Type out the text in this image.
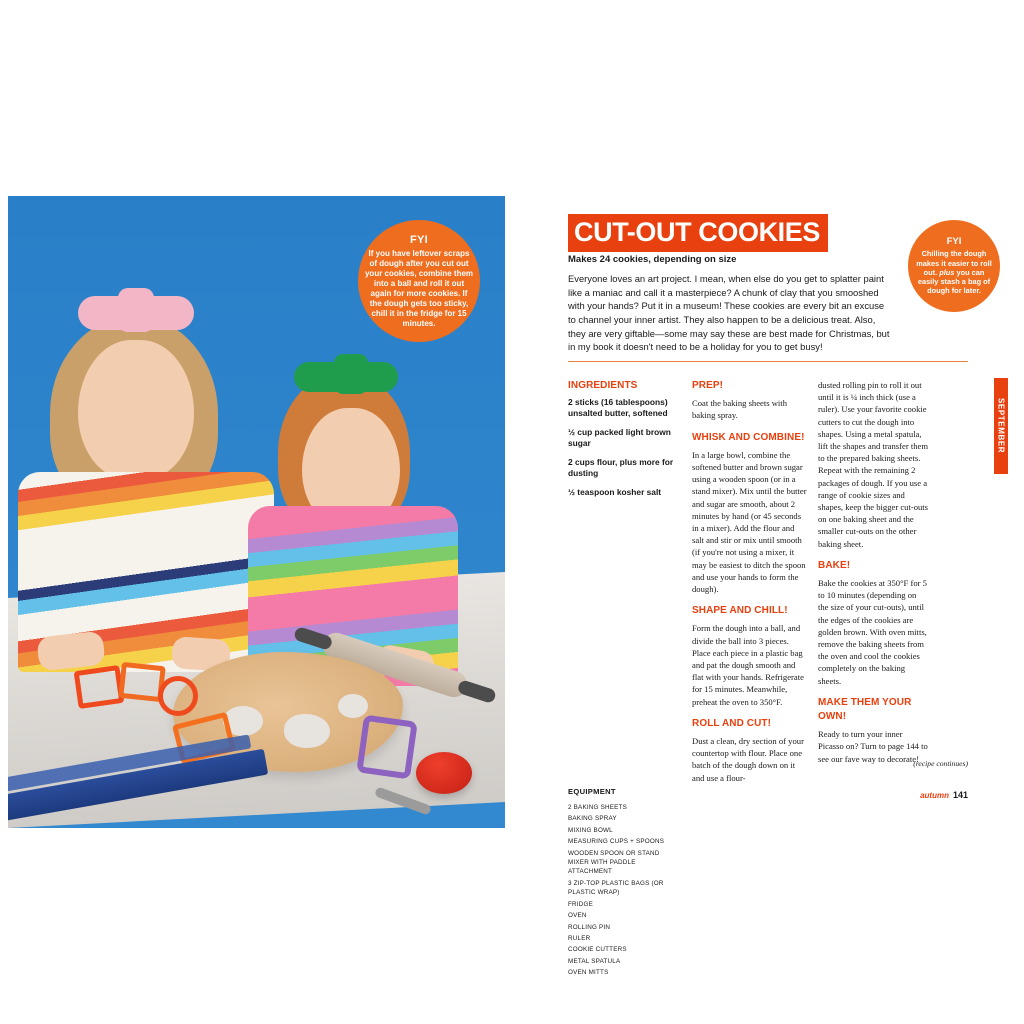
FYI
If you have leftover scraps of dough after you cut out your cookies, combine them into a ball and roll it out again for more cookies. If the dough gets too sticky, chill it in the fridge for 15 minutes.
CUT-OUT COOKIES
Makes 24 cookies, depending on size
Everyone loves an art project. I mean, when else do you get to splatter paint like a maniac and call it a masterpiece? A chunk of clay that you smooshed with your hands? Put it in a museum! These cookies are every bit an excuse to channel your inner artist. They also happen to be a delicious treat. Also, they are very giftable—some may say these are best made for Christmas, but in my book it doesn't need to be a holiday for you to get busy!
FYI
Chilling the dough makes it easier to roll out. plus you can easily stash a bag of dough for later.
SEPTEMBER
INGREDIENTS
2 sticks (16 tablespoons) unsalted butter, softened
½ cup packed light brown sugar
2 cups flour, plus more for dusting
½ teaspoon kosher salt
EQUIPMENT
2 BAKING SHEETS
BAKING SPRAY
MIXING BOWL
MEASURING CUPS + SPOONS
WOODEN SPOON OR STAND MIXER WITH PADDLE ATTACHMENT
3 ZIP-TOP PLASTIC BAGS (OR PLASTIC WRAP)
FRIDGE
OVEN
ROLLING PIN
RULER
COOKIE CUTTERS
METAL SPATULA
OVEN MITTS
PREP!

Coat the baking sheets with baking spray.

WHISK AND COMBINE!

In a large bowl, combine the softened butter and brown sugar using a wooden spoon (or in a stand mixer). Mix until the butter and sugar are smooth, about 2 minutes by hand (or 45 seconds in a mixer). Add the flour and salt and stir or mix until smooth (if you're not using a mixer, it may be easiest to ditch the spoon and use your hands to form the dough).

SHAPE AND CHILL!

Form the dough into a ball, and divide the ball into 3 pieces. Place each piece in a plastic bag and pat the dough smooth and flat with your hands. Refrigerate for 15 minutes. Meanwhile, preheat the oven to 350°F.

ROLL AND CUT!

Dust a clean, dry section of your countertop with flour. Place one batch of the dough down on it and use a flour-

dusted rolling pin to roll it out until it is ¼ inch thick (use a ruler). Use your favorite cookie cutters to cut the dough into shapes. Using a metal spatula, lift the shapes and transfer them to the prepared baking sheets. Repeat with the remaining 2 packages of dough. If you use a range of cookie sizes and shapes, keep the bigger cut-outs on one baking sheet and the smaller cut-outs on the other baking sheet.

BAKE!

Bake the cookies at 350°F for 5 to 10 minutes (depending on the size of your cut-outs), until the edges of the cookies are golden brown. With oven mitts, remove the baking sheets from the oven and cool the cookies completely on the baking sheets.

MAKE THEM YOUR OWN!

Ready to turn your inner Picasso on? Turn to page 144 to see our fave way to decorate!

(recipe continues)
autumn 141
